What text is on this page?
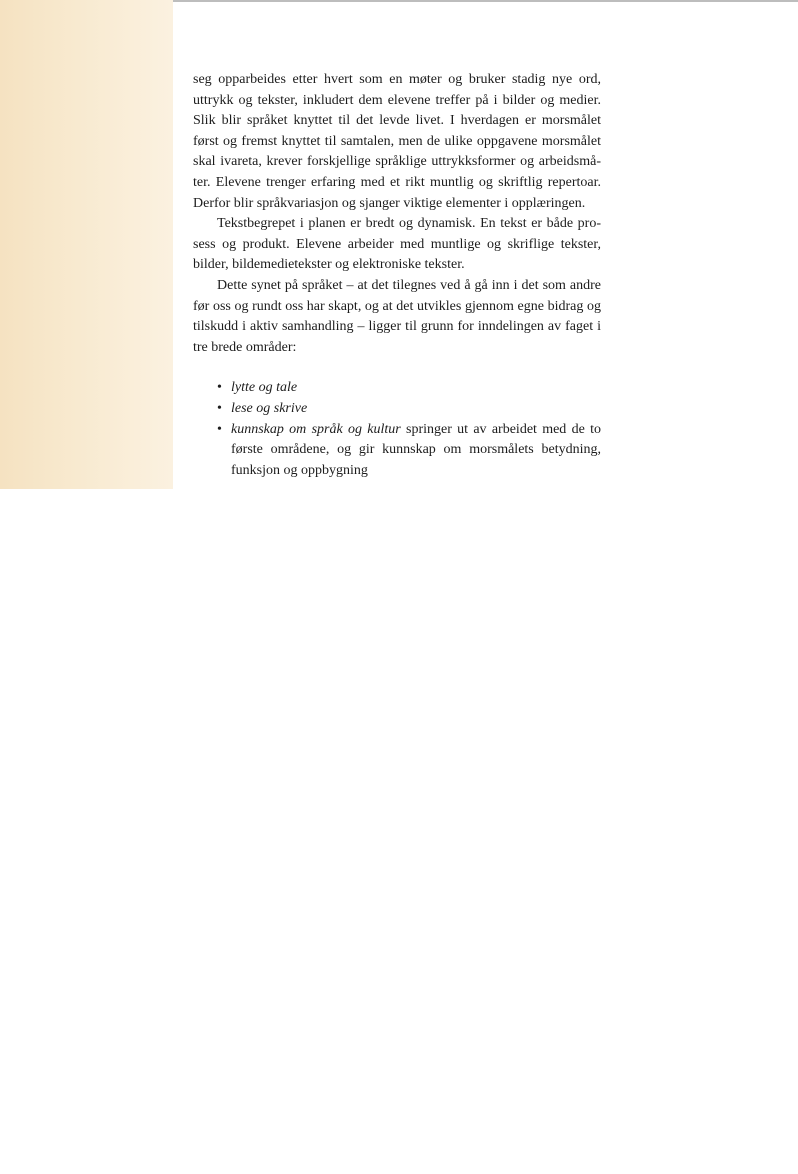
seg opparbeides etter hvert som en møter og bruker stadig nye ord, uttrykk og tekster, inkludert dem elevene treffer på i bilder og medier. Slik blir språket knyttet til det levde livet. I hverdagen er morsmålet først og fremst knyttet til samtalen, men de ulike oppgavene morsmålet skal ivareta, krever forskjellige språklige uttrykksformer og arbeidsmåter. Elevene trenger erfaring med et rikt muntlig og skriftlig repertoar. Derfor blir språkvariasjon og sjanger viktige elementer i opplæringen.

Tekstbegrepet i planen er bredt og dynamisk. En tekst er både prosess og produkt. Elevene arbeider med muntlige og skriflige tekster, bilder, bildemedietekster og elektroniske tekster.

Dette synet på språket – at det tilegnes ved å gå inn i det som andre før oss og rundt oss har skapt, og at det utvikles gjennom egne bidrag og tilskudd i aktiv samhandling – ligger til grunn for inndelingen av faget i tre brede områder:

• lytte og tale
• lese og skrive
• kunnskap om språk og kultur springer ut av arbeidet med de to første områdene, og gir kunnskap om morsmålets betydning, funksjon og oppbygning
